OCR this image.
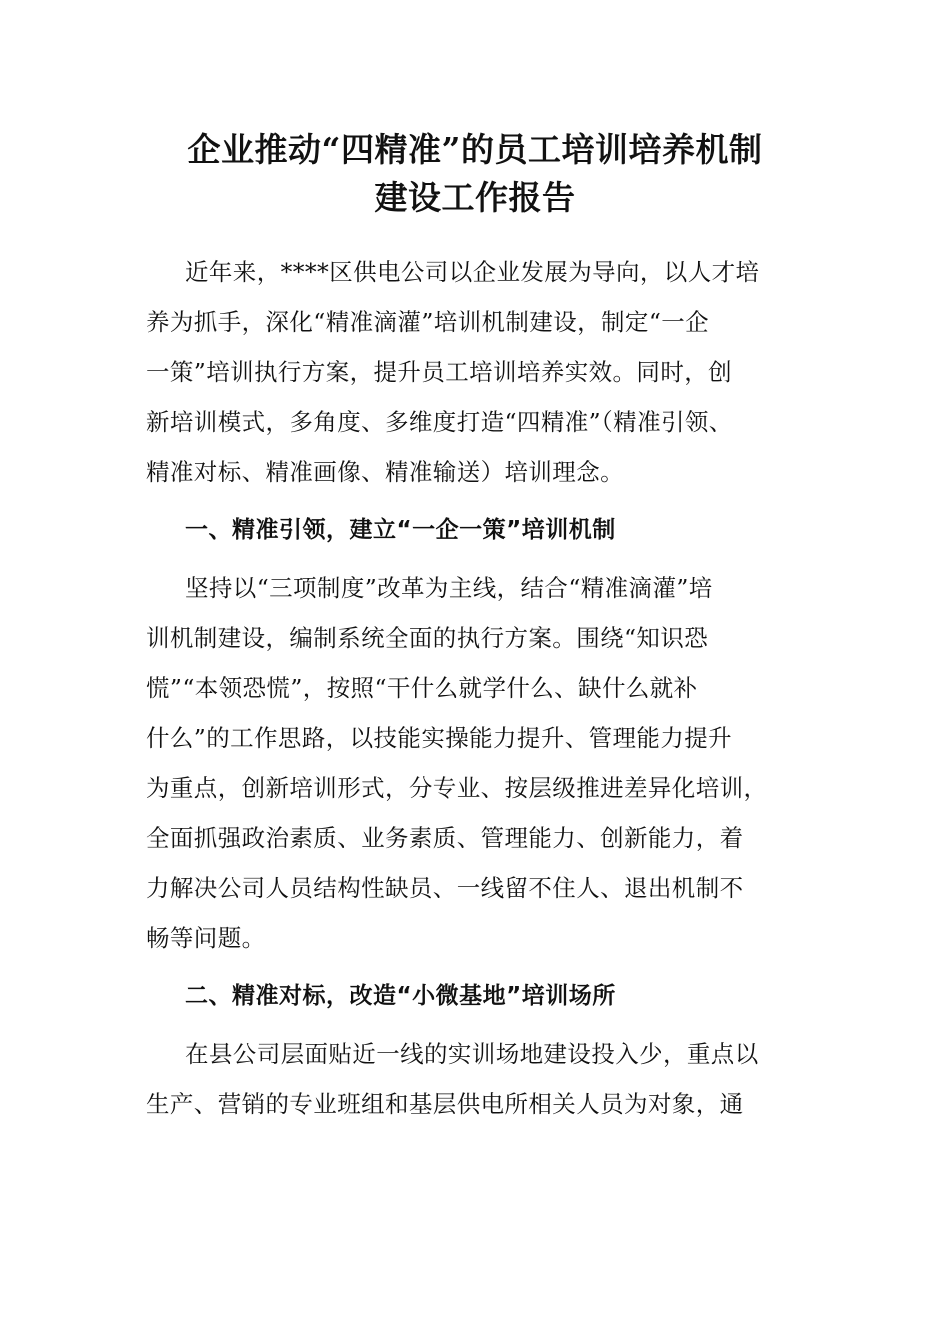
企业推动“四精准”的员工培训培养机制
建设工作报告
近年来，****区供电公司以企业发展为导向，以人才培
养为抓手，深化“精准滴灌”培训机制建设，制定“一企
一策”培训执行方案，提升员工培训培养实效。同时，创
新培训模式，多角度、多维度打造“四精准”（精准引领、
精准对标、精准画像、精准输送）培训理念。
一、精准引领，建立“一企一策”培训机制
坚持以“三项制度”改革为主线，结合“精准滴灌”培
训机制建设，编制系统全面的执行方案。围绕“知识恐
慌”“本领恐慌”，按照“干什么就学什么、缺什么就补
什么”的工作思路，以技能实操能力提升、管理能力提升
为重点，创新培训形式，分专业、按层级推进差异化培训，
全面抓强政治素质、业务素质、管理能力、创新能力，着
力解决公司人员结构性缺员、一线留不住人、退出机制不
畅等问题。
二、精准对标，改造“小微基地”培训场所
在县公司层面贴近一线的实训场地建设投入少，重点以
生产、营销的专业班组和基层供电所相关人员为对象，通
